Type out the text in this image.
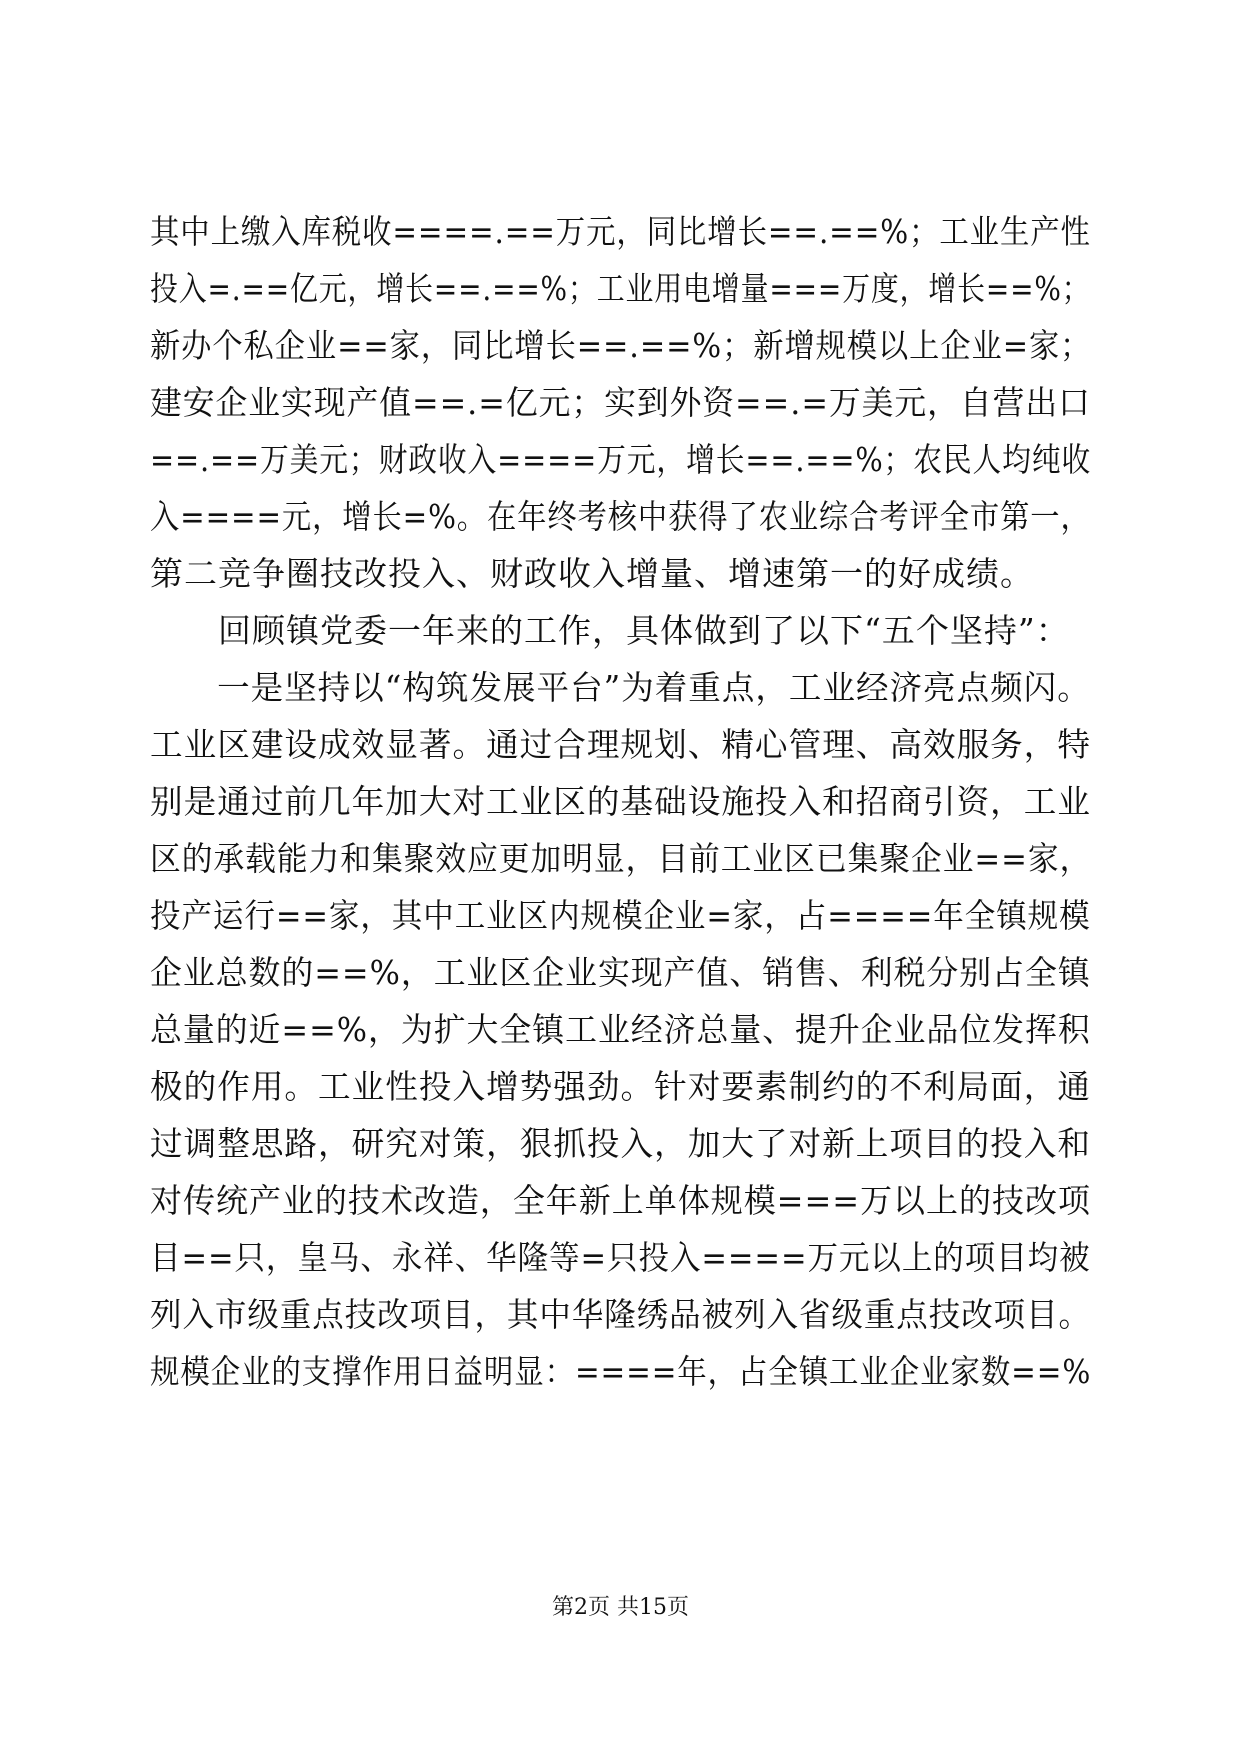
其中上缴入库税收====.==万元，同比增长==.==%；工业生产性
投入=.==亿元，增长==.==%；工业用电增量===万度，增长==%；
新办个私企业==家，同比增长==.==%；新增规模以上企业=家；
建安企业实现产值==.=亿元；实到外资==.=万美元，自营出口
==.==万美元；财政收入====万元，增长==.==%；农民人均纯收
入====元，增长=%。在年终考核中获得了农业综合考评全市第一，
第二竞争圈技改投入、财政收入增量、增速第一的好成绩。
　　回顾镇党委一年来的工作，具体做到了以下“五个坚持”：
　　一是坚持以“构筑发展平台”为着重点，工业经济亮点频闪。
工业区建设成效显著。通过合理规划、精心管理、高效服务，特
别是通过前几年加大对工业区的基础设施投入和招商引资，工业
区的承载能力和集聚效应更加明显，目前工业区已集聚企业==家，
投产运行==家，其中工业区内规模企业=家，占====年全镇规模
企业总数的==%，工业区企业实现产值、销售、利税分别占全镇
总量的近==%，为扩大全镇工业经济总量、提升企业品位发挥积
极的作用。工业性投入增势强劲。针对要素制约的不利局面，通
过调整思路，研究对策，狠抓投入，加大了对新上项目的投入和
对传统产业的技术改造，全年新上单体规模===万以上的技改项
目==只，皇马、永祥、华隆等=只投入====万元以上的项目均被
列入市级重点技改项目，其中华隆绣品被列入省级重点技改项目。
规模企业的支撑作用日益明显：====年，占全镇工业企业家数==%
第2页 共15页
